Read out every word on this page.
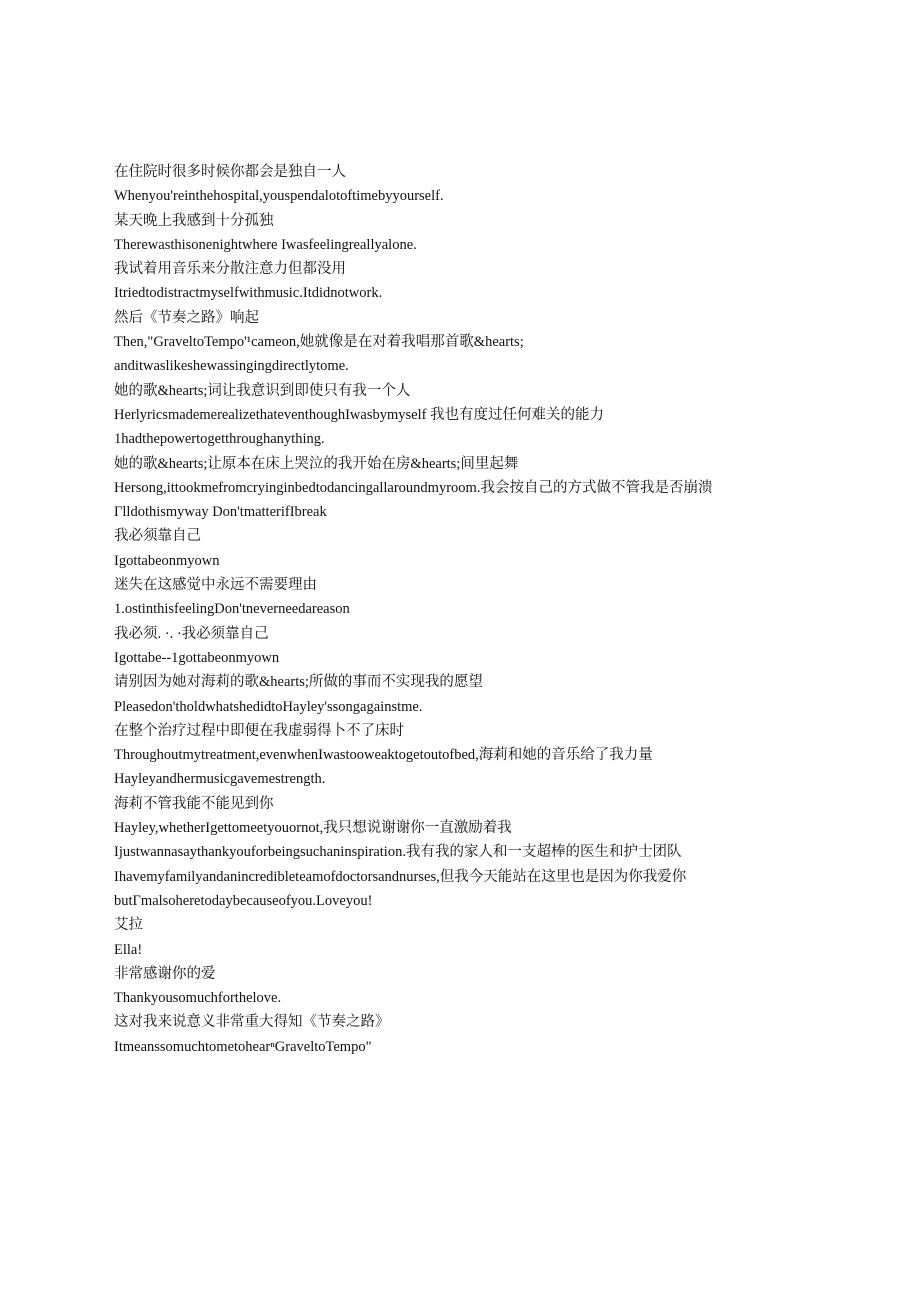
在住院时很多时候你都会是独自一人
Whenyou'reinthehospital,youspendalotoftimebyyourself.
某天晚上我感到十分孤独
Therewasthisonenightwhere Iwasfeelingreallyalone.
我试着用音乐来分散注意力但都没用
Itriedtodistractmyselfwithmusic.Itdidnotwork.
然后《节奏之路》响起
Then,"GraveltoTempo'¹cameon,她就像是在对着我唱那首歌&hearts;
anditwaslikeshewassingingdirectlytome.
她的歌&hearts;词让我意识到即使只有我一个人
HerlyricsmademerealizethateventhoughIwasbymyself 我也有度过任何难关的能力
1hadthepowertogetthroughanything.
她的歌&hearts;让原本在床上哭泣的我开始在房&hearts;间里起舞
Hersong,ittookmefromcryinginbedtodancingallaroundmyroom.我会按自己的方式做不管我是否崩溃
Γlldothismyway Don'tmatterifIbreak
我必须靠自己
Igottabeonmyown
迷失在这感觉中永远不需要理由
1.ostinthisfeelingDon'tneverneedareason
我必须. ·. ·我必须靠自己
Igottabe--1gottabeonmyown
请别因为她对海莉的歌&hearts;所做的事而不实现我的愿望
Pleasedon'tholdwhatshedidtoHayley'ssongagainstme.
在整个治疗过程中即便在我虚弱得卜不了床时
Throughoutmytreatment,evenwhenIwastooweaktogetoutofbed,海莉和她的音乐给了我力量
Hayleyandhermusicgavemestrength.
海莉不管我能不能见到你
Hayley,whetherIgettomeetyouornot,我只想说谢谢你一直激励着我
Ijustwannasaythankyouforbeingsuchaninspiration.我有我的家人和一支超棒的医生和护士团队
Ihavemyfamilyandanincredibleteamofdoctorsandnurses,但我今天能站在这里也是因为你我爱你
butΓmalsoheretodaybecauseofyou.Loveyou!
艾拉
Ella!
非常感谢你的爱
Thankyousomuchforthelove.
这对我来说意义非常重大得知《节奏之路》
ItmeanssomuchtometohearⁿGraveltoTempo"
